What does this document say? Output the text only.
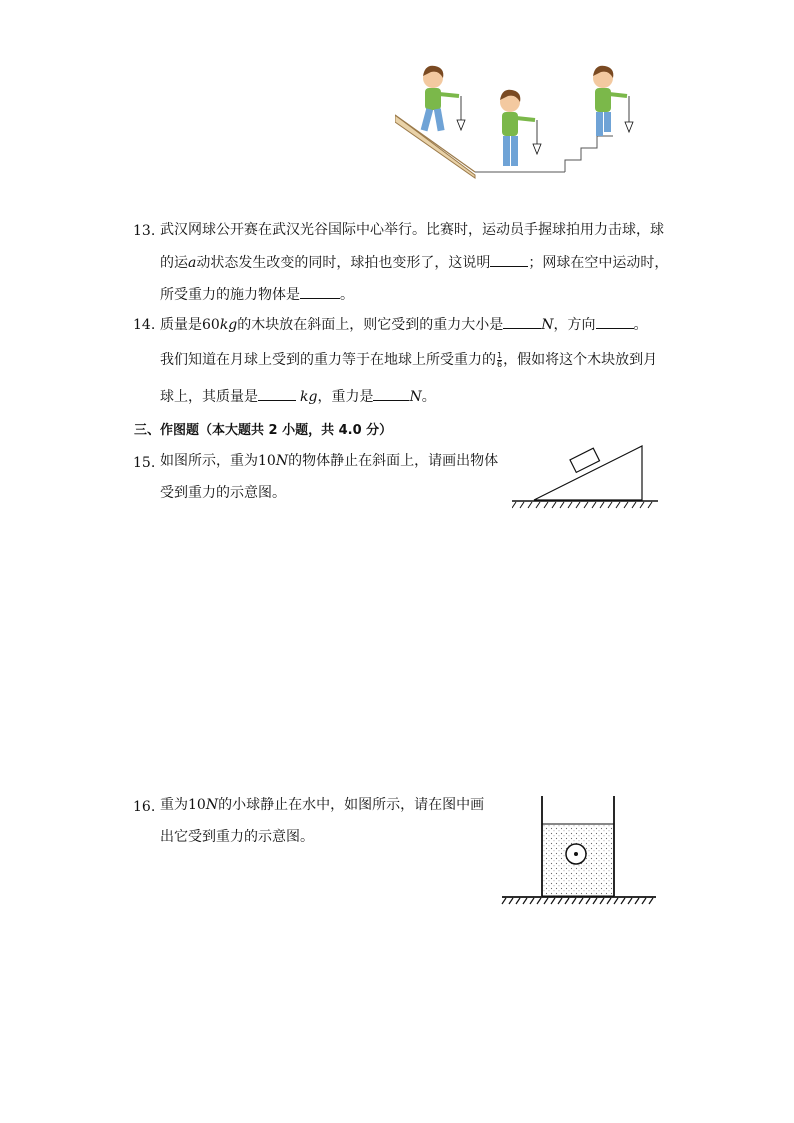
13. 武汉网球公开赛在武汉光谷国际中心举行。比赛时，运动员手握球拍用力击球，球
的运a动状态发生改变的同时，球拍也变形了，这说明	；网球在空中运动时，
所受重力的施力物体是	。
14. 质量是60kg的木块放在斜面上，则它受到的重力大小是	N，方向	。
我们知道在月球上受到的重力等于在地球上所受重力的 $\frac{1}{6}$ ，假如将这个木块放到月
球上，其质量是	kg，重力是	N。
三、作图题（本大题共 2 小题，共 4.0 分）
15. 如图所示，重为10N的物体静止在斜面上，请画出物体
受到重力的示意图。
16. 重为10N的小球静止在水中，如图所示，请在图中画
出它受到重力的示意图。
